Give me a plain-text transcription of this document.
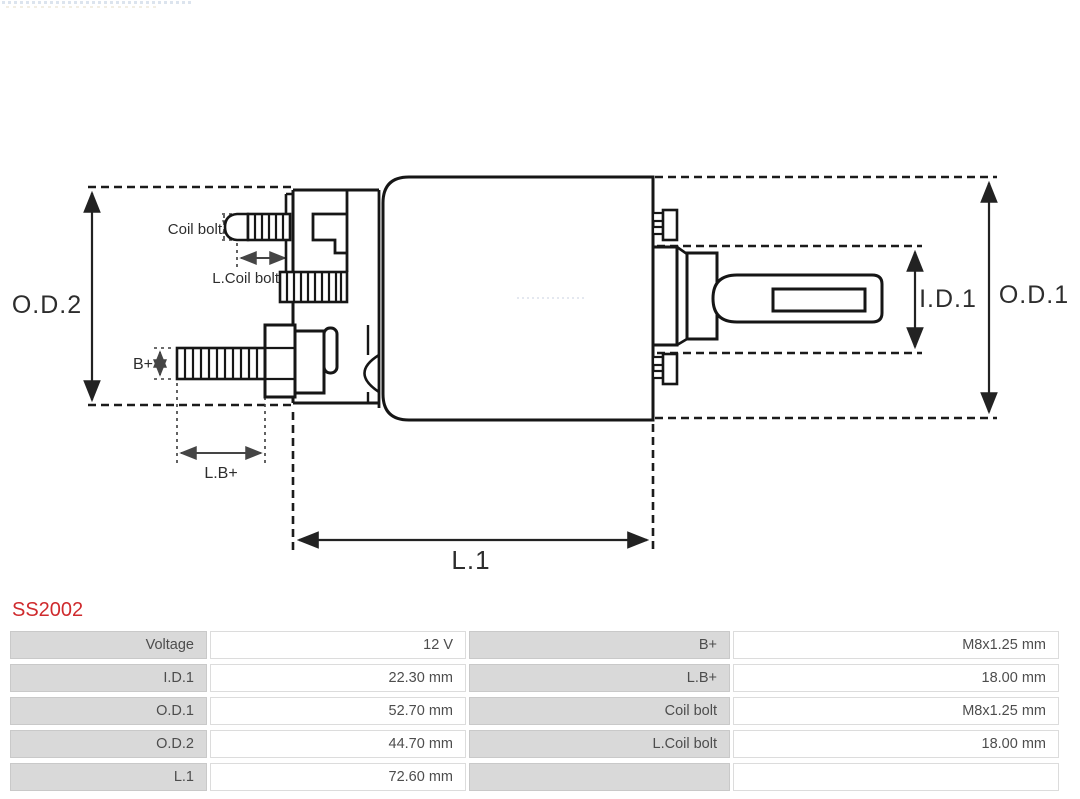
O.D.2
Coil bolt
L.Coil bolt
B+
L.B+
L.1
I.D.1 O.D.1
SS2002
Voltage	12 V	B+	M8x1.25 mm
I.D.1	22.30 mm	L.B+	18.00 mm
O.D.1	52.70 mm	Coil bolt	M8x1.25 mm
O.D.2	44.70 mm	L.Coil bolt	18.00 mm
L.1	72.60 mm
